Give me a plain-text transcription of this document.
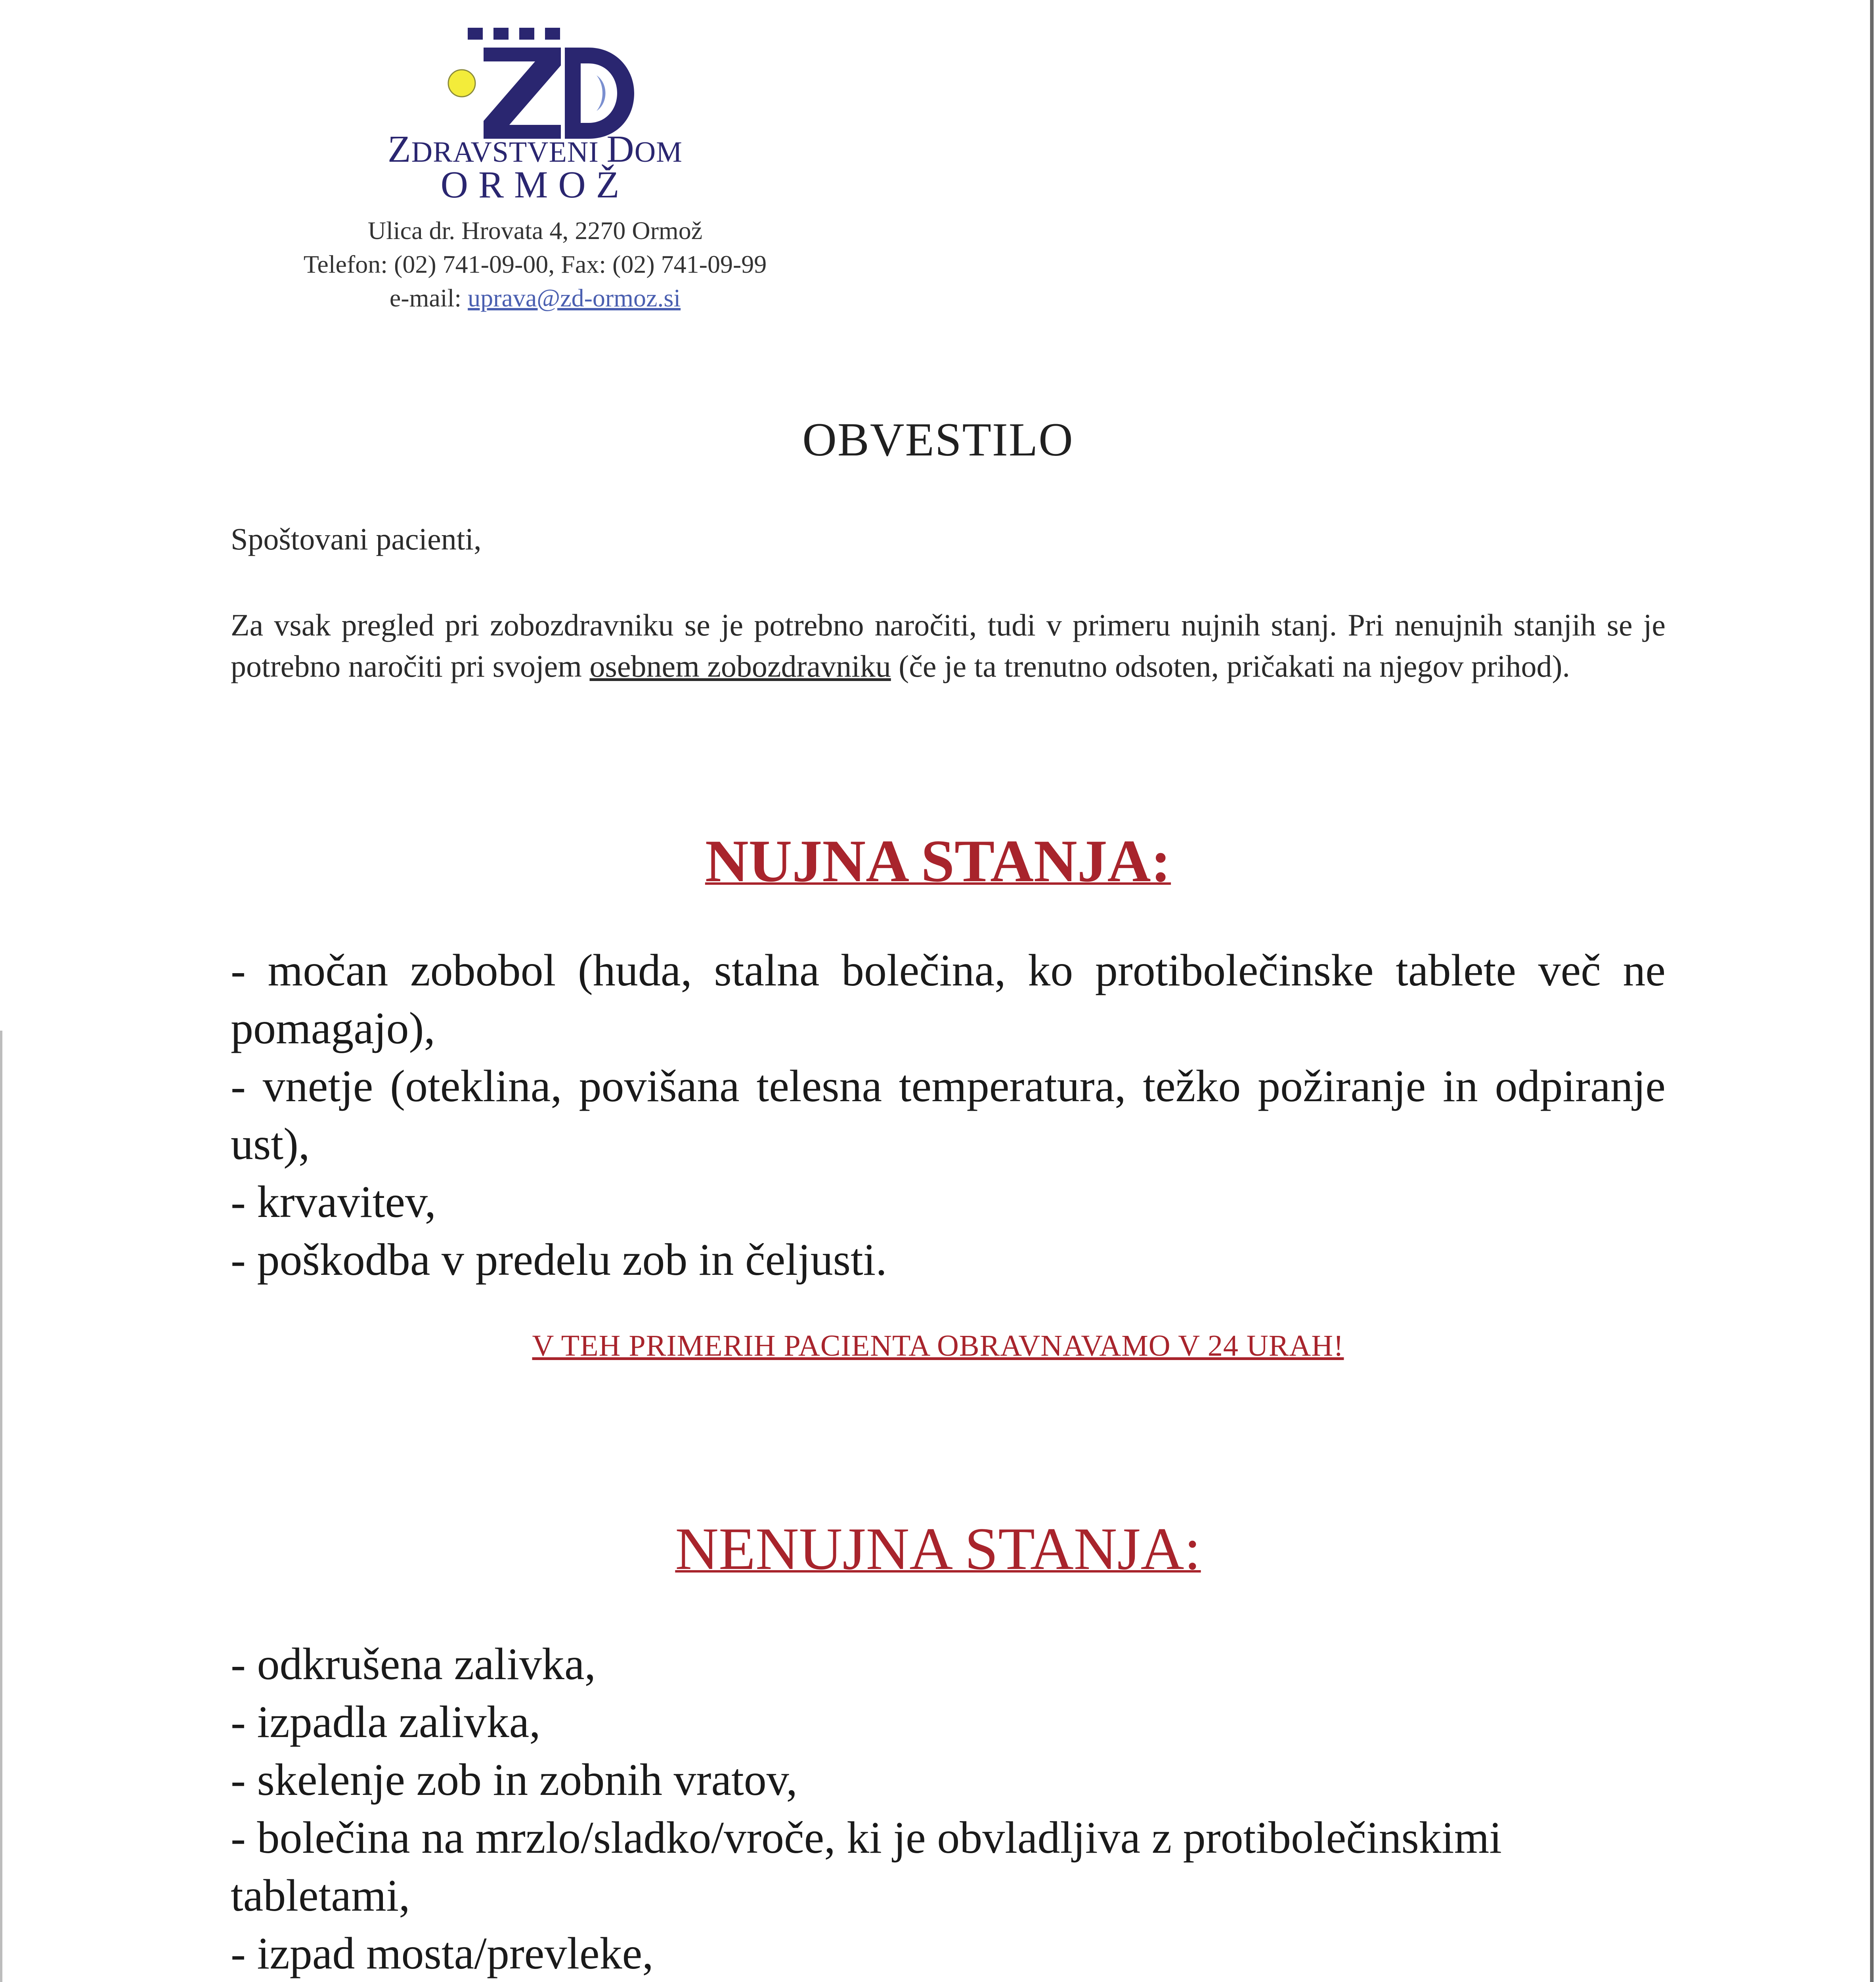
ZDRAVSTVENI DOM
ORMOŽ
Ulica dr. Hrovata 4, 2270 Ormož
Telefon: (02) 741-09-00, Fax: (02) 741-09-99
e-mail: uprava@zd-ormoz.si
OBVESTILO
Spoštovani pacienti,
Za vsak pregled pri zobozdravniku se je potrebno naročiti, tudi v primeru nujnih stanj. Pri nenujnih stanjih se je potrebno naročiti pri svojem osebnem zobozdravniku (če je ta trenutno odsoten, pričakati na njegov prihod).
NUJNA STANJA:
- močan zobobol (huda, stalna bolečina, ko protibolečinske tablete več ne pomagajo),
- vnetje (oteklina, povišana telesna temperatura, težko požiranje in odpiranje ust),
- krvavitev,
- poškodba v predelu zob in čeljusti.
V TEH PRIMERIH PACIENTA OBRAVNAVAMO V 24 URAH!
NENUJNA STANJA:
- odkrušena zalivka,
- izpadla zalivka,
- skelenje zob in zobnih vratov,
- bolečina na mrzlo/sladko/vroče, ki je obvladljiva z protibolečinskimi tabletami,
- izpad mosta/prevleke,
